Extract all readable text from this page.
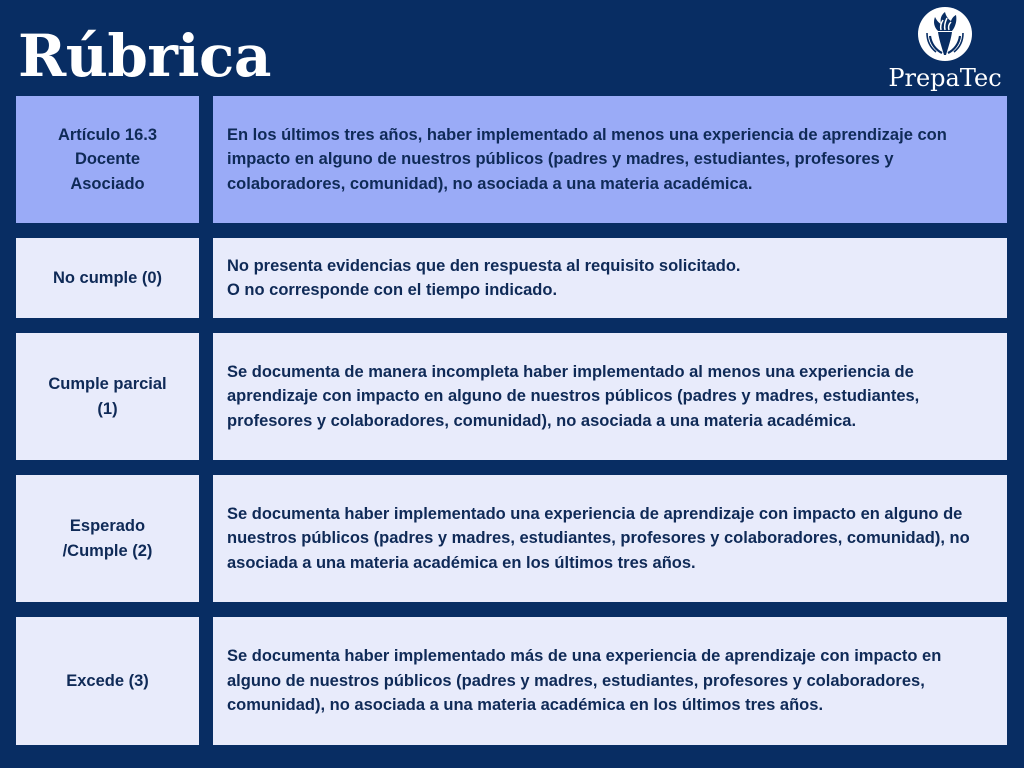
Rúbrica	PrepaTec
Artículo 16.3
Docente
Asociado
En los últimos tres años, haber implementado al menos una experiencia de aprendizaje con impacto en alguno de nuestros públicos (padres y madres, estudiantes, profesores y colaboradores, comunidad), no asociada a una materia académica.
No cumple (0)
No presenta evidencias que den respuesta al requisito solicitado.
O no corresponde con el tiempo indicado.
Cumple parcial
(1)
Se documenta de manera incompleta haber implementado al menos una experiencia de aprendizaje con impacto en alguno de nuestros públicos (padres y madres, estudiantes, profesores y colaboradores, comunidad), no asociada a una materia académica.
Esperado
/Cumple (2)
Se documenta haber implementado una experiencia de aprendizaje con impacto en alguno de nuestros públicos (padres y madres, estudiantes, profesores y colaboradores, comunidad), no asociada a una materia académica en los últimos tres años.
Excede (3)
Se documenta haber implementado más de una experiencia de aprendizaje con impacto en alguno de nuestros públicos (padres y madres, estudiantes, profesores y colaboradores, comunidad), no asociada a una materia académica en los últimos tres años.
